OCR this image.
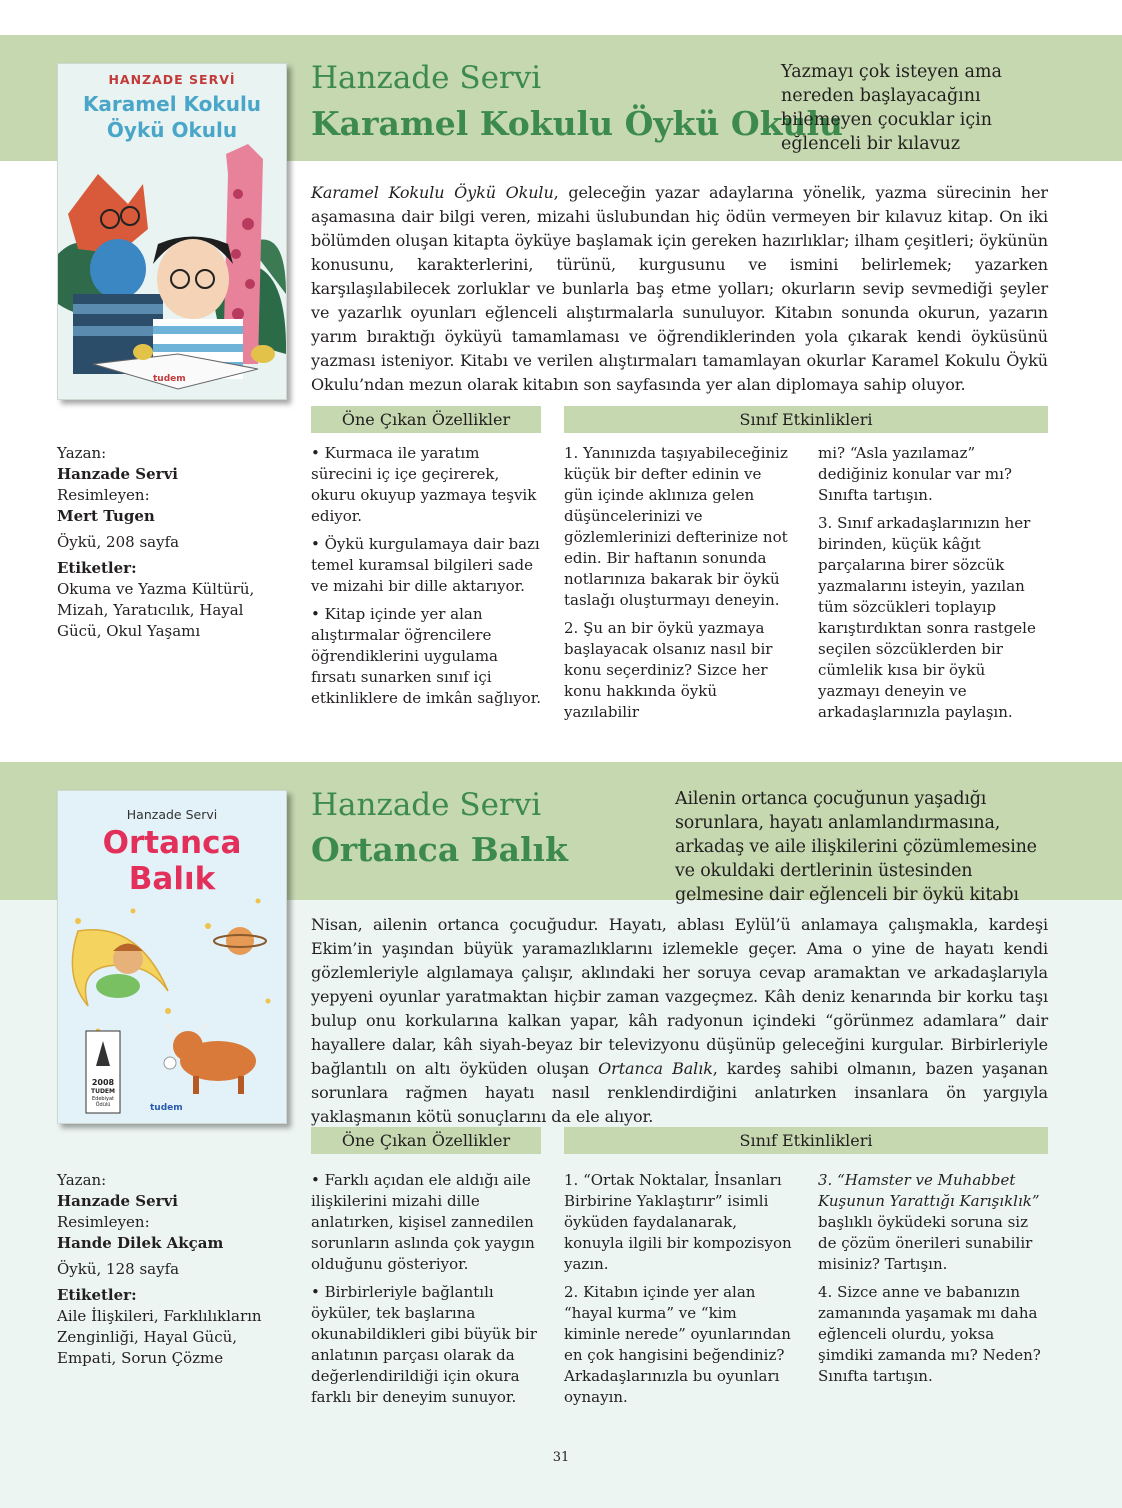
HANZADE SERVİ
Karamel Kokulu
Öykü Okulu
tudem
Hanzade Servi
Karamel Kokulu Öykü Okulu
Yazmayı çok isteyen ama nereden başlayacağını bilemeyen çocuklar için eğlenceli bir kılavuz
Karamel Kokulu Öykü Okulu, geleceğin yazar adaylarına yönelik, yazma sürecinin her aşamasına dair bilgi veren, mizahi üslubundan hiç ödün vermeyen bir kılavuz kitap. On iki bölümden oluşan kitapta öyküye başlamak için gereken hazırlıklar; ilham çeşitleri; öykünün konusunu, karakterlerini, türünü, kurgusunu ve ismini belirlemek; yazarken karşılaşılabilecek zorluklar ve bunlarla baş etme yolları; okurların sevip sevmediği şeyler ve yazarlık oyunları eğlenceli alıştırmalarla sunuluyor. Kitabın sonunda okurun, yazarın yarım bıraktığı öyküyü tamamlaması ve öğrendiklerinden yola çıkarak kendi öyküsünü yazması isteniyor. Kitabı ve verilen alıştırmaları tamamlayan okurlar Karamel Kokulu Öykü Okulu’ndan mezun olarak kitabın son sayfasında yer alan diplomaya sahip oluyor.
Öne Çıkan Özellikler	Sınıf Etkinlikleri
Yazan:
Hanzade Servi
Resimleyen:
Mert Tugen
Öykü, 208 sayfa
Etiketler:
Okuma ve Yazma Kültürü, Mizah, Yaratıcılık, Hayal Gücü, Okul Yaşamı

• Kurmaca ile yaratım sürecini iç içe geçirerek, okuru okuyup yazmaya teşvik ediyor.

• Öykü kurgulamaya dair bazı temel kuramsal bilgileri sade ve mizahi bir dille aktarıyor.

• Kitap içinde yer alan alıştırmalar öğrencilere öğrendiklerini uygulama fırsatı sunarken sınıf içi etkinliklere de imkân sağlıyor.

1. Yanınızda taşıyabileceğiniz küçük bir defter edinin ve gün içinde aklınıza gelen düşüncelerinizi ve gözlemlerinizi defterinize not edin. Bir haftanın sonunda notlarınıza bakarak bir öykü taslağı oluşturmayı deneyin.

2. Şu an bir öykü yazmaya başlayacak olsanız nasıl bir konu seçerdiniz? Sizce her konu hakkında öykü yazılabilir

mi? “Asla yazılamaz” dediğiniz konular var mı? Sınıfta tartışın.

3. Sınıf arkadaşlarınızın her birinden, küçük kâğıt parçalarına birer sözcük yazmalarını isteyin, yazılan tüm sözcükleri toplayıp karıştırdıktan sonra rastgele seçilen sözcüklerden bir cümlelik kısa bir öykü yazmayı deneyin ve arkadaşlarınızla paylaşın.

Hanzade Servi
Ortanca
Balık
2008
TUDEM
Edebiyat Ödülü	tudem
Hanzade Servi
Ortanca Balık
Ailenin ortanca çocuğunun yaşadığı sorunlara, hayatı anlamlandırmasına, arkadaş ve aile ilişkilerini çözümlemesine ve okuldaki dertlerinin üstesinden gelmesine dair eğlenceli bir öykü kitabı
Nisan, ailenin ortanca çocuğudur. Hayatı, ablası Eylül’ü anlamaya çalışmakla, kardeşi Ekim’in yaşından büyük yaramazlıklarını izlemekle geçer. Ama o yine de hayatı kendi gözlemleriyle algılamaya çalışır, aklındaki her soruya cevap aramaktan ve arkadaşlarıyla yepyeni oyunlar yaratmaktan hiçbir zaman vazgeçmez. Kâh deniz kenarında bir korku taşı bulup onu korkularına kalkan yapar, kâh radyonun içindeki “görünmez adamlara” dair hayallere dalar, kâh siyah-beyaz bir televizyonu düşünüp geleceğini kurgular. Birbirleriyle bağlantılı on altı öyküden oluşan Ortanca Balık, kardeş sahibi olmanın, bazen yaşanan sorunlara rağmen hayatı nasıl renklendirdiğini anlatırken insanlara ön yargıyla yaklaşmanın kötü sonuçlarını da ele alıyor.
Öne Çıkan Özellikler	Sınıf Etkinlikleri
Yazan:
Hanzade Servi
Resimleyen:
Hande Dilek Akçam
Öykü, 128 sayfa
Etiketler:
Aile İlişkileri, Farklılıkların Zenginliği, Hayal Gücü, Empati, Sorun Çözme

• Farklı açıdan ele aldığı aile ilişkilerini mizahi dille anlatırken, kişisel zannedilen sorunların aslında çok yaygın olduğunu gösteriyor.

• Birbirleriyle bağlantılı öyküler, tek başlarına okunabildikleri gibi büyük bir anlatının parçası olarak da değerlendirildiği için okura farklı bir deneyim sunuyor.

1. “Ortak Noktalar, İnsanları Birbirine Yaklaştırır” isimli öyküden faydalanarak, konuyla ilgili bir kompozisyon yazın.

2. Kitabın içinde yer alan “hayal kurma” ve “kim kiminle nerede” oyunlarından en çok hangisini beğendiniz? Arkadaşlarınızla bu oyunları oynayın.

3. “Hamster ve Muhabbet Kuşunun Yarattığı Karışıklık” başlıklı öyküdeki soruna siz de çözüm önerileri sunabilir misiniz? Tartışın.

4. Sizce anne ve babanızın zamanında yaşamak mı daha eğlenceli olurdu, yoksa şimdiki zamanda mı? Neden? Sınıfta tartışın.

31
